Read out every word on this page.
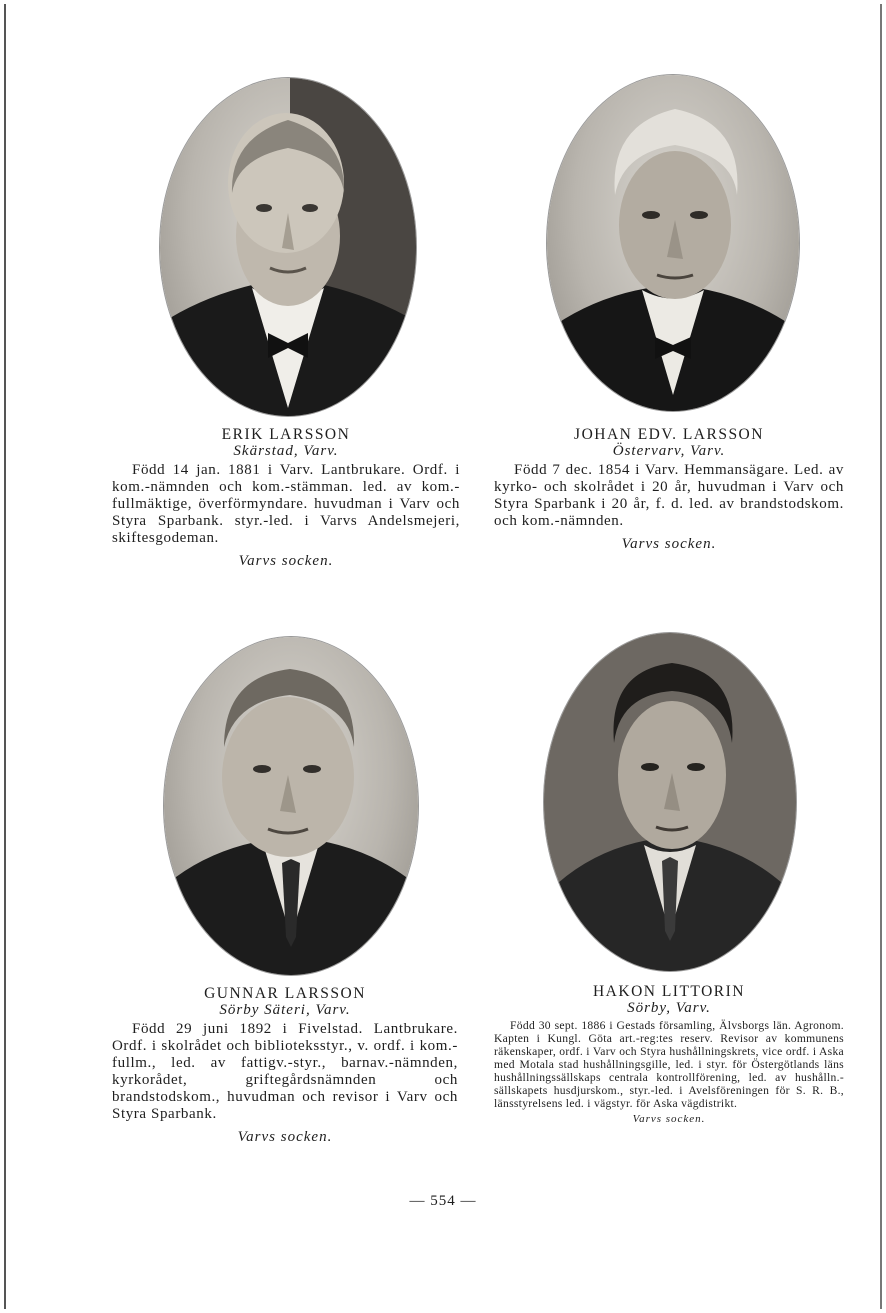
ERIK LARSSON
Skärstad, Varv.
Född 14 jan. 1881 i Varv. Lantbrukare. Ordf. i kom.-nämnden och kom.-stämman. led. av kom.-fullmäktige, överförmyndare. huvudman i Varv och Styra Sparbank. styr.-led. i Varvs Andelsmejeri, skiftesgodeman.
Varvs socken.
JOHAN EDV. LARSSON
Östervarv, Varv.
Född 7 dec. 1854 i Varv. Hemmansägare. Led. av kyrko- och skolrådet i 20 år, huvudman i Varv och Styra Sparbank i 20 år, f. d. led. av brandstodskom. och kom.-nämnden.
Varvs socken.
GUNNAR LARSSON
Sörby Säteri, Varv.
Född 29 juni 1892 i Fivelstad. Lantbrukare. Ordf. i skolrådet och biblioteksstyr., v. ordf. i kom.-fullm., led. av fattigv.-styr., barnav.-nämnden, kyrkorådet, griftegårdsnämnden och brandstodskom., huvudman och revisor i Varv och Styra Sparbank.
Varvs socken.
HAKON LITTORIN
Sörby, Varv.
Född 30 sept. 1886 i Gestads församling, Älvsborgs län. Agronom. Kapten i Kungl. Göta art.-reg:tes reserv. Revisor av kommunens räkenskaper, ordf. i Varv och Styra hushållningskrets, vice ordf. i Aska med Motala stad hushållningsgille, led. i styr. för Östergötlands läns hushållningssällskaps centrala kontrollförening, led. av hushålln.-sällskapets husdjurskom., styr.-led. i Avelsföreningen för S. R. B., länsstyrelsens led. i vägstyr. för Aska vägdistrikt.
Varvs socken.
— 554 —
